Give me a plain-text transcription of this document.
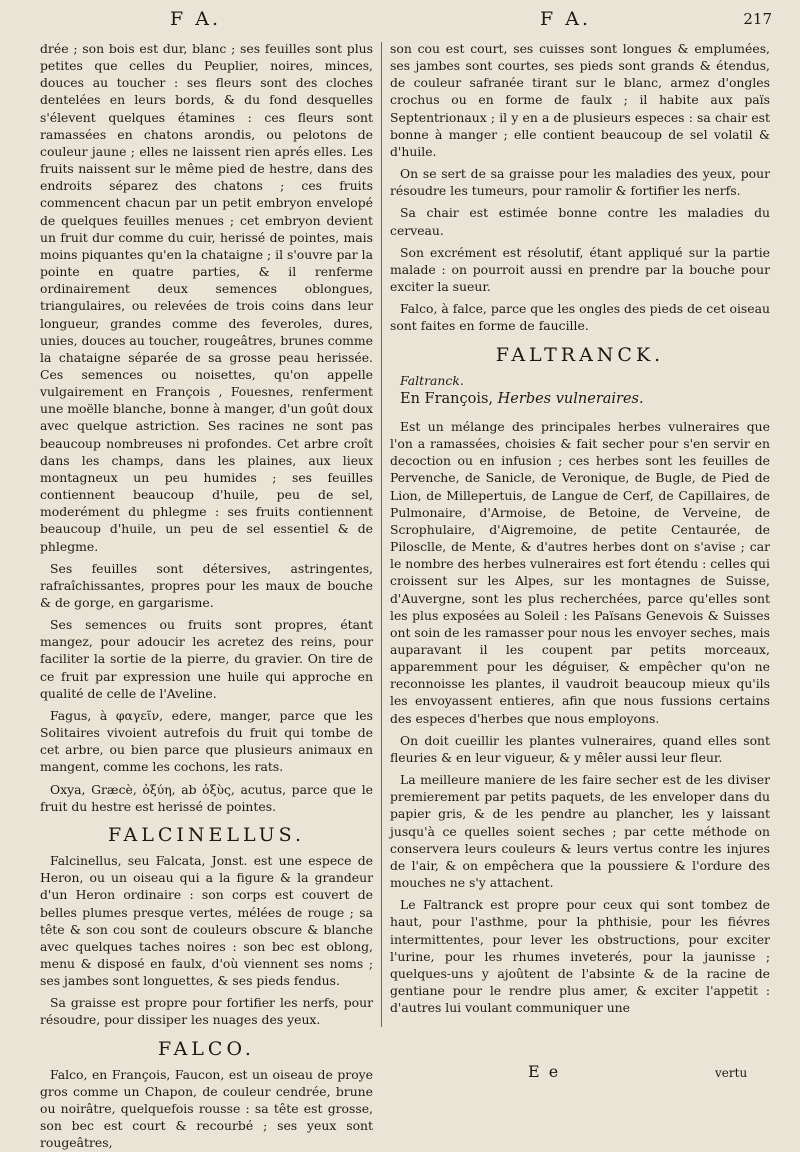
F A.	F A.	217

drée ; son bois est dur, blanc ; ses feuilles sont plus petites que celles du Peuplier, noires, minces, douces au toucher : ses fleurs sont des cloches dentelées en leurs bords, & du fond desquelles s'élevent quelques étamines : ces fleurs sont ramassées en chatons arondis, ou pelotons de couleur jaune ; elles ne laissent rien aprés elles. Les fruits naissent sur le même pied de hestre, dans des endroits séparez des chatons ; ces fruits commencent chacun par un petit embryon envelopé de quelques feuilles menues ; cet embryon devient un fruit dur comme du cuir, herissé de pointes, mais moins piquantes qu'en la chataigne ; il s'ouvre par la pointe en quatre parties, & il renferme ordinairement deux semences oblongues, triangulaires, ou relevées de trois coins dans leur longueur, grandes comme des feveroles, dures, unies, douces au toucher, rougeâtres, brunes comme la chataigne séparée de sa grosse peau herissée. Ces semences ou noisettes, qu'on appelle vulgairement en François , Fouesnes, renferment une moëlle blanche, bonne à manger, d'un goût doux avec quelque astriction. Ses racines ne sont pas beaucoup nombreuses ni profondes. Cet arbre croît dans les champs, dans les plaines, aux lieux montagneux un peu humides ; ses feuilles contiennent beaucoup d'huile, peu de sel, moderément du phlegme : ses fruits contiennent beaucoup d'huile, un peu de sel essentiel & de phlegme.

Ses feuilles sont détersives, astringentes, rafraîchissantes, propres pour les maux de bouche & de gorge, en gargarisme.

Ses semences ou fruits sont propres, étant mangez, pour adoucir les acretez des reins, pour faciliter la sortie de la pierre, du gravier. On tire de ce fruit par expression une huile qui approche en qualité de celle de l'Aveline.

Fagus, à φαγεῖν, edere, manger, parce que les Solitaires vivoient autrefois du fruit qui tombe de cet arbre, ou bien parce que plusieurs animaux en mangent, comme les cochons, les rats.

Oxya, Græcè, ὀξύη, ab ὀξὺς, acutus, parce que le fruit du hestre est herissé de pointes.

FALCINELLUS.

Falcinellus, seu Falcata, Jonst. est une espece de Heron, ou un oiseau qui a la figure & la grandeur d'un Heron ordinaire : son corps est couvert de belles plumes presque vertes, mélées de rouge ; sa tête & son cou sont de couleurs obscure & blanche avec quelques taches noires : son bec est oblong, menu & disposé en faulx, d'où viennent ses noms ; ses jambes sont longuettes, & ses pieds fendus.

Sa graisse est propre pour fortifier les nerfs, pour résoudre, pour dissiper les nuages des yeux.

FALCO.

Falco, en François, Faucon, est un oiseau de proye gros comme un Chapon, de couleur cendrée, brune ou noirâtre, quelquefois rousse : sa tête est grosse, son bec est court & recourbé ; ses yeux sont rougeâtres,

son cou est court, ses cuisses sont longues & emplumées, ses jambes sont courtes, ses pieds sont grands & étendus, de couleur safranée tirant sur le blanc, armez d'ongles crochus ou en forme de faulx ; il habite aux païs Septentrionaux ; il y en a de plusieurs especes : sa chair est bonne à manger ; elle contient beaucoup de sel volatil & d'huile.

On se sert de sa graisse pour les maladies des yeux, pour résoudre les tumeurs, pour ramolir & fortifier les nerfs.

Sa chair est estimée bonne contre les maladies du cerveau.

Son excrément est résolutif, étant appliqué sur la partie malade : on pourroit aussi en prendre par la bouche pour exciter la sueur.

Falco, à falce, parce que les ongles des pieds de cet oiseau sont faites en forme de faucille.

FALTRANCK.
Faltranck.
En François, Herbes vulneraires.

Est un mélange des principales herbes vulneraires que l'on a ramassées, choisies & fait secher pour s'en servir en decoction ou en infusion ; ces herbes sont les feuilles de Pervenche, de Sanicle, de Veronique, de Bugle, de Pied de Lion, de Millepertuis, de Langue de Cerf, de Capillaires, de Pulmonaire, d'Armoise, de Betoine, de Verveine, de Scrophulaire, d'Aigremoine, de petite Centaurée, de Pilosclle, de Mente, & d'autres herbes dont on s'avise ; car le nombre des herbes vulneraires est fort étendu : celles qui croissent sur les Alpes, sur les montagnes de Suisse, d'Auvergne, sont les plus recherchées, parce qu'elles sont les plus exposées au Soleil : les Païsans Genevois & Suisses ont soin de les ramasser pour nous les envoyer seches, mais auparavant il les coupent par petits morceaux, apparemment pour les déguiser, & empêcher qu'on ne reconnoisse les plantes, il vaudroit beaucoup mieux qu'ils les envoyassent entieres, afin que nous fussions certains des especes d'herbes que nous employons.

On doit cueillir les plantes vulneraires, quand elles sont fleuries & en leur vigueur, & y mêler aussi leur fleur.

La meilleure maniere de les faire secher est de les diviser premierement par petits paquets, de les enveloper dans du papier gris, & de les pendre au plancher, les y laissant jusqu'à ce quelles soient seches ; par cette méthode on conservera leurs couleurs & leurs vertus contre les injures de l'air, & on empêchera que la poussiere & l'ordure des mouches ne s'y attachent.

Le Faltranck est propre pour ceux qui sont tombez de haut, pour l'asthme, pour la phthisie, pour les fiévres intermittentes, pour lever les obstructions, pour exciter l'urine, pour les rhumes inveterés, pour la jaunisse ; quelques-uns y ajoûtent de l'absinte & de la racine de gentiane pour le rendre plus amer, & exciter l'appetit : d'autres lui voulant communiquer une

E e	vertu
